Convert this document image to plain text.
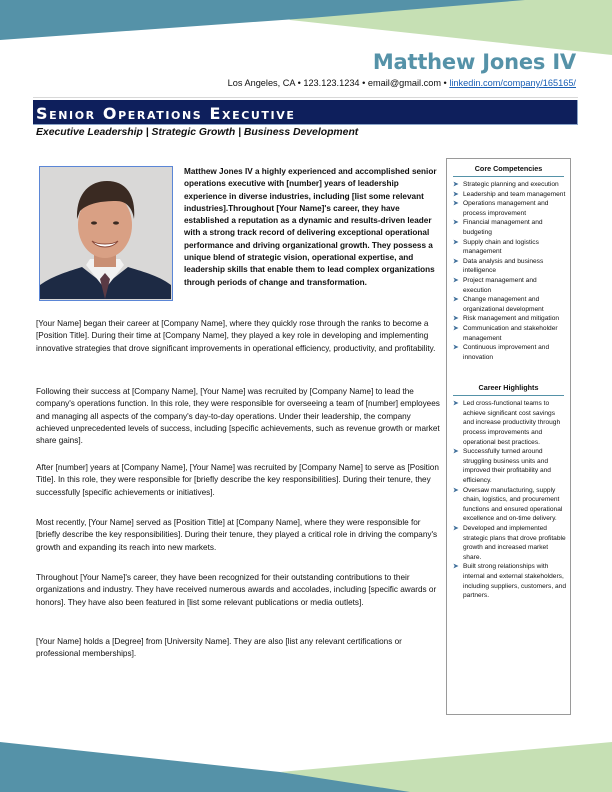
Matthew Jones IV
Los Angeles, CA • 123.123.1234 • email@gmail.com • linkedin.com/company/165165/
Senior Operations Executive
Executive Leadership | Strategic Growth | Business Development
Matthew Jones IV a highly experienced and accomplished senior operations executive with [number] years of leadership experience in diverse industries, including [list some relevant industries].Throughout [Your Name]'s career, they have established a reputation as a dynamic and results-driven leader with a strong track record of delivering exceptional operational performance and driving organizational growth. They possess a unique blend of strategic vision, operational expertise, and leadership skills that enable them to lead complex organizations through periods of change and transformation.
[Your Name] began their career at [Company Name], where they quickly rose through the ranks to become a [Position Title]. During their time at [Company Name], they played a key role in developing and implementing innovative strategies that drove significant improvements in operational efficiency, productivity, and profitability.
Following their success at [Company Name], [Your Name] was recruited by [Company Name] to lead the company's operations function. In this role, they were responsible for overseeing a team of [number] employees and managing all aspects of the company's day-to-day operations. Under their leadership, the company achieved unprecedented levels of success, including [specific achievements, such as revenue growth or market share gains].
After [number] years at [Company Name], [Your Name] was recruited by [Company Name] to serve as [Position Title]. In this role, they were responsible for [briefly describe the key responsibilities]. During their tenure, they successfully [specific achievements or initiatives].
Most recently, [Your Name] served as [Position Title] at [Company Name], where they were responsible for [briefly describe the key responsibilities]. During their tenure, they played a critical role in driving the company's growth and expanding its reach into new markets.
Throughout [Your Name]'s career, they have been recognized for their outstanding contributions to their organizations and industry. They have received numerous awards and accolades, including [specific awards or honors]. They have also been featured in [list some relevant publications or media outlets].
[Your Name] holds a [Degree] from [University Name]. They are also [list any relevant certifications or professional memberships].
Core Competencies
➤ Strategic planning and execution
➤ Leadership and team management
➤ Operations management and process improvement
➤ Financial management and budgeting
➤ Supply chain and logistics management
➤ Data analysis and business intelligence
➤ Project management and execution
➤ Change management and organizational development
➤ Risk management and mitigation
➤ Communication and stakeholder management
➤ Continuous improvement and innovation
Career Highlights
➤ Led cross-functional teams to achieve significant cost savings and increase productivity through process improvements and operational best practices.
➤ Successfully turned around struggling business units and improved their profitability and efficiency.
➤ Oversaw manufacturing, supply chain, logistics, and procurement functions and ensured operational excellence and on-time delivery.
➤ Developed and implemented strategic plans that drove profitable growth and increased market share.
➤ Built strong relationships with internal and external stakeholders, including suppliers, customers, and partners.
